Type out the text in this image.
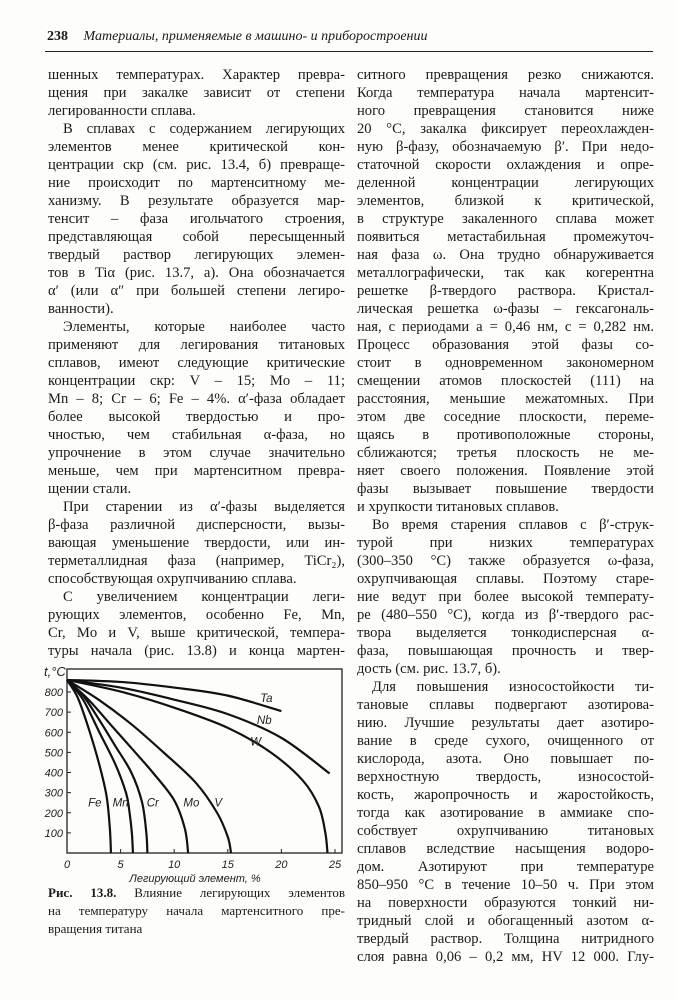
238 Материалы, применяемые в машино- и приборостроении
шенных температурах. Характер превра-
щения при закалке зависит от степени
легированности сплава.
В сплавах с содержанием легирующих
элементов менее критической кон-
центрации cкр (см. рис. 13.4, б) превраще-
ние происходит по мартенситному ме-
ханизму. В результате образуется мар-
тенсит – фаза игольчатого строения,
представляющая собой пересыщенный
твердый раствор легирующих элемен-
тов в Tiα (рис. 13.7, а). Она обозначается
α′ (или α″ при большей степени легиро-
ванности).
Элементы, которые наиболее часто
применяют для легирования титановых
сплавов, имеют следующие критические
концентрации cкр: V – 15; Mo – 11;
Mn – 8; Cr – 6; Fe – 4%. α′-фаза обладает
более высокой твердостью и про-
чностью, чем стабильная α-фаза, но
упрочнение в этом случае значительно
меньше, чем при мартенситном превра-
щении стали.
При старении из α′-фазы выделяется
β-фаза различной дисперсности, вызы-
вающая уменьшение твердости, или ин-
терметаллидная фаза (например, TiCr₂),
способствующая охрупчиванию сплава.
С увеличением концентрации леги-
рующих элементов, особенно Fe, Mn,
Cr, Mo и V, выше критической, темпера-
туры начала (рис. 13.8) и конца мартен-
ситного превращения резко снижаются.
Когда температура начала мартенсит-
ного превращения становится ниже
20 °C, закалка фиксирует переохлажден-
ную β-фазу, обозначаемую β′. При недо-
статочной скорости охлаждения и опре-
деленной концентрации легирующих
элементов, близкой к критической,
в структуре закаленного сплава может
появиться метастабильная промежуточ-
ная фаза ω. Она трудно обнаруживается
металлографически, так как когерентна
решетке β-твердого раствора. Кристал-
лическая решетка ω-фазы – гексагональ-
ная, с периодами a = 0,46 нм, c = 0,282 нм.
Процесс образования этой фазы со-
стоит в одновременном закономерном
смещении атомов плоскостей (111) на
расстояния, меньшие межатомных. При
этом две соседние плоскости, переме-
щаясь в противоположные стороны,
сближаются; третья плоскость не ме-
няет своего положения. Появление этой
фазы вызывает повышение твердости
и хрупкости титановых сплавов.
Во время старения сплавов с β′-струк-
турой при низких температурах
(300–350 °C) также образуется ω-фаза,
охрупчивающая сплавы. Поэтому старе-
ние ведут при более высокой температу-
ре (480–550 °C), когда из β′-твердого рас-
твора выделяется тонкодисперсная α-
фаза, повышающая прочность и твер-
дость (см. рис. 13.7, б).
Для повышения износостойкости ти-
тановые сплавы подвергают азотирова-
нию. Лучшие результаты дает азотиро-
вание в среде сухого, очищенного от
кислорода, азота. Оно повышает по-
верхностную твердость, износостой-
кость, жаропрочность и жаростойкость,
тогда как азотирование в аммиаке спо-
собствует охрупчиванию титановых
сплавов вследствие насыщения водоро-
дом. Азотируют при температуре
850–950 °C в течение 10–50 ч. При этом
на поверхности образуются тонкий ни-
тридный слой и обогащенный азотом α-
твердый раствор. Толщина нитридного
слоя равна 0,06 – 0,2 мм, HV 12 000. Глу-
100
200
300
400
500
600
700
800
0	5	10	15	20	25
t,°C
Легирующий элемент, %
Ta
Nb
W
V
Mo
Cr
Mn
Fe
Рис. 13.8. Влияние легирующих элементов
на температуру начала мартенситного пре-
вращения титана
